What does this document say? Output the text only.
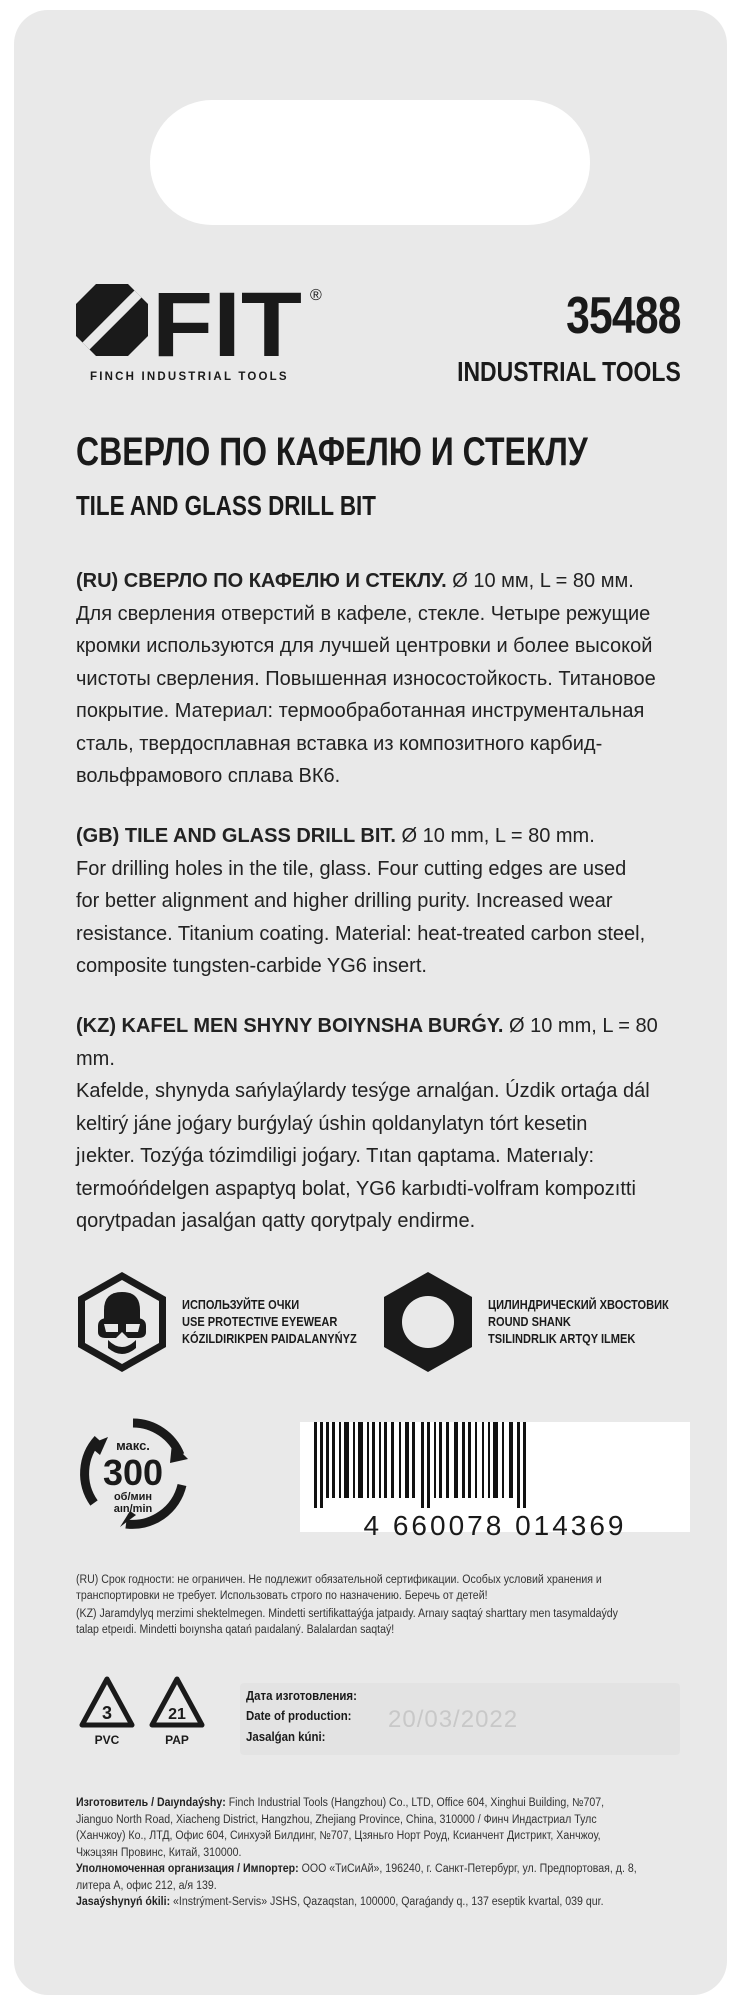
FIT ®
FINCH INDUSTRIAL TOOLS
35488
INDUSTRIAL TOOLS
СВЕРЛО ПО КАФЕЛЮ И СТЕКЛУ
TILE AND GLASS DRILL BIT
(RU) СВЕРЛО ПО КАФЕЛЮ И СТЕКЛУ. Ø 10 мм, L = 80 мм.
Для сверления отверстий в кафеле, стекле. Четыре режущие
кромки используются для лучшей центровки и более высокой
чистоты сверления. Повышенная износостойкость. Титановое
покрытие. Материал: термообработанная инструментальная
сталь, твердосплавная вставка из композитного карбид-
вольфрамового сплава ВК6.
(GB) TILE AND GLASS DRILL BIT. Ø 10 mm, L = 80 mm.
For drilling holes in the tile, glass. Four cutting edges are used
for better alignment and higher drilling purity. Increased wear
resistance. Titanium coating. Material: heat-treated carbon steel,
composite tungsten-carbide YG6 insert.
(KZ) KAFEL MEN SHYNY BOIYNSHA BURǴY. Ø 10 mm, L = 80 mm.
Kafelde, shynyda sańylaýlardy tesýge arnalǵan. Úzdik ortaǵa dál
keltirý jáne joǵary burǵylaý úshin qoldanylatyn tórt kesetin
jıekter. Tozýǵa tózimdiligi joǵary. Tıtan qaptama. Materıaly:
termoóńdelgen aspaptyq bolat, YG6 karbıdti-volfram kompozıtti
qorytpadan jasalǵan qatty qorytpaly endirme.
ИСПОЛЬЗУЙТЕ ОЧКИ
USE PROTECTIVE EYEWEAR
KÓZILDIRIKPEN PAIDALANYŃYZ
ЦИЛИНДРИЧЕСКИЙ ХВОСТОВИК
ROUND SHANK
TSILINDRLIK ARTQY ILMEK
макс.
300
об/мин
aın/min
4 660078 014369
(RU) Срок годности: не ограничен. Не подлежит обязательной сертификации. Особых условий хранения и транспортировки не требует. Использовать строго по назначению. Беречь от детей!
(KZ) Jaramdylyq merzimi shektelmegen. Mindetti sertifikattaýǵa jatpaıdy. Arnaıy saqtaý sharttary men tasymaldaýdy talap etpeıdi. Mindetti boıynsha qatań paıdalaný. Balalardan saqtaý!
3	21
PVC	PAP
Дата изготовления:
Date of production:
Jasalǵan kúni:
20/03/2022
Изготовитель / Daıyndaýshy: Finch Industrial Tools (Hangzhou) Co., LTD, Office 604, Xinghui Building, №707, Jianguo North Road, Xiacheng District, Hangzhou, Zhejiang Province, China, 310000 / Финч Индастриал Тулс (Ханчжоу) Ко., ЛТД, Офис 604, Синхуэй Билдинг, №707, Цзяньго Норт Роуд, Ксианчент Дистрикт, Ханчжоу, Чжэцзян Провинс, Китай, 310000.
Уполномоченная организация / Импортер: ООО «ТиСиАй», 196240, г. Санкт-Петербург, ул. Предпортовая, д. 8, литера А, офис 212, а/я 139.
Jasaýshynyń ókili: «Instrýment-Servis» JSHS, Qazaqstan, 100000, Qaraǵandy q., 137 eseptik kvartal, 039 qur.
